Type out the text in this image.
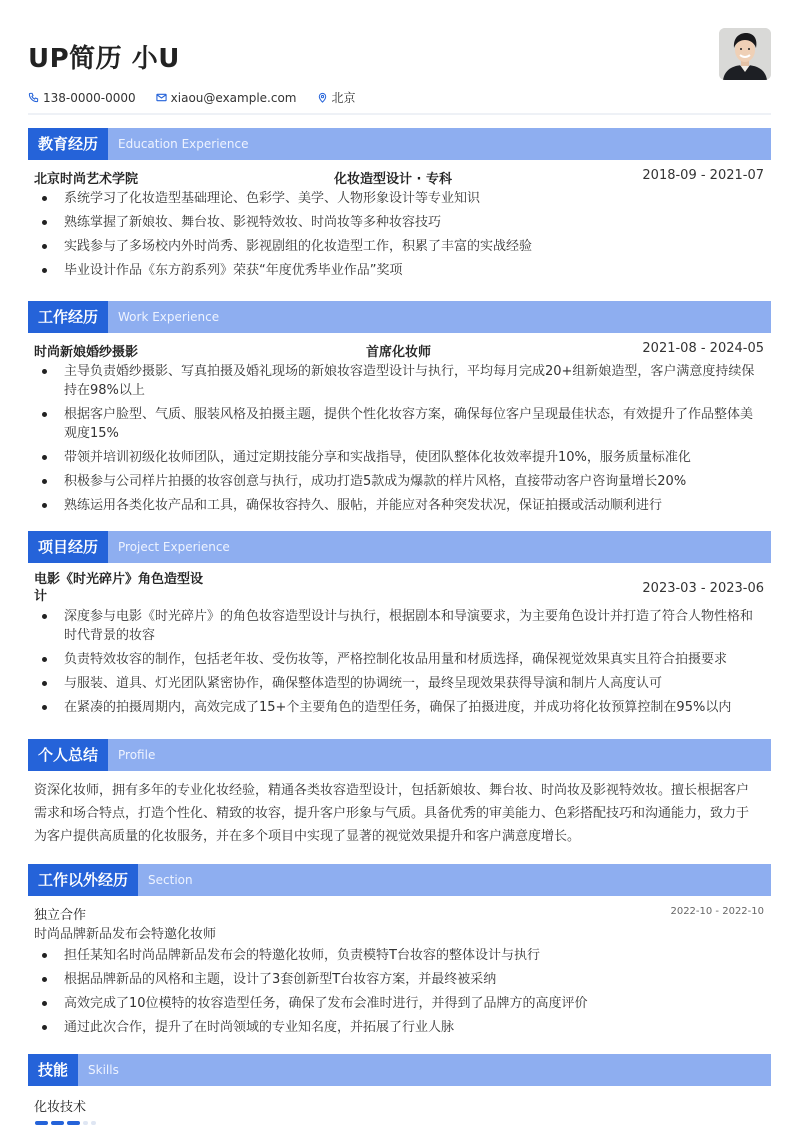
UP简历 小U
138-0000-0000	xiaou@example.com	北京
教育经历	Education Experience
北京时尚艺术学院	化妆造型设计 · 专科	2018-09 - 2021-07
系统学习了化妆造型基础理论、色彩学、美学、人物形象设计等专业知识
熟练掌握了新娘妆、舞台妆、影视特效妆、时尚妆等多种妆容技巧
实践参与了多场校内外时尚秀、影视剧组的化妆造型工作，积累了丰富的实战经验
毕业设计作品《东方韵系列》荣获“年度优秀毕业作品”奖项
工作经历	Work Experience
时尚新娘婚纱摄影	首席化妆师	2021-08 - 2024-05
主导负责婚纱摄影、写真拍摄及婚礼现场的新娘妆容造型设计与执行，平均每月完成20+组新娘造型，客户满意度持续保持在98%以上
根据客户脸型、气质、服装风格及拍摄主题，提供个性化妆容方案，确保每位客户呈现最佳状态，有效提升了作品整体美观度15%
带领并培训初级化妆师团队，通过定期技能分享和实战指导，使团队整体化妆效率提升10%，服务质量标准化
积极参与公司样片拍摄的妆容创意与执行，成功打造5款成为爆款的样片风格，直接带动客户咨询量增长20%
熟练运用各类化妆产品和工具，确保妆容持久、服帖，并能应对各种突发状况，保证拍摄或活动顺利进行
项目经历	Project Experience
电影《时光碎片》角色造型设计
2023-03 - 2023-06
深度参与电影《时光碎片》的角色妆容造型设计与执行，根据剧本和导演要求，为主要角色设计并打造了符合人物性格和时代背景的妆容
负责特效妆容的制作，包括老年妆、受伤妆等，严格控制化妆品用量和材质选择，确保视觉效果真实且符合拍摄要求
与服装、道具、灯光团队紧密协作，确保整体造型的协调统一，最终呈现效果获得导演和制片人高度认可
在紧凑的拍摄周期内，高效完成了15+个主要角色的造型任务，确保了拍摄进度，并成功将化妆预算控制在95%以内
个人总结	Profile
资深化妆师，拥有多年的专业化妆经验，精通各类妆容造型设计，包括新娘妆、舞台妆、时尚妆及影视特效妆。擅长根据客户需求和场合特点，打造个性化、精致的妆容，提升客户形象与气质。具备优秀的审美能力、色彩搭配技巧和沟通能力，致力于为客户提供高质量的化妆服务，并在多个项目中实现了显著的视觉效果提升和客户满意度增长。
工作以外经历	Section
独立合作
时尚品牌新品发布会特邀化妆师
2022-10 - 2022-10
担任某知名时尚品牌新品发布会的特邀化妆师，负责模特T台妆容的整体设计与执行
根据品牌新品的风格和主题，设计了3套创新型T台妆容方案，并最终被采纳
高效完成了10位模特的妆容造型任务，确保了发布会准时进行，并得到了品牌方的高度评价
通过此次合作，提升了在时尚领域的专业知名度，并拓展了行业人脉
技能	Skills
化妆技术
